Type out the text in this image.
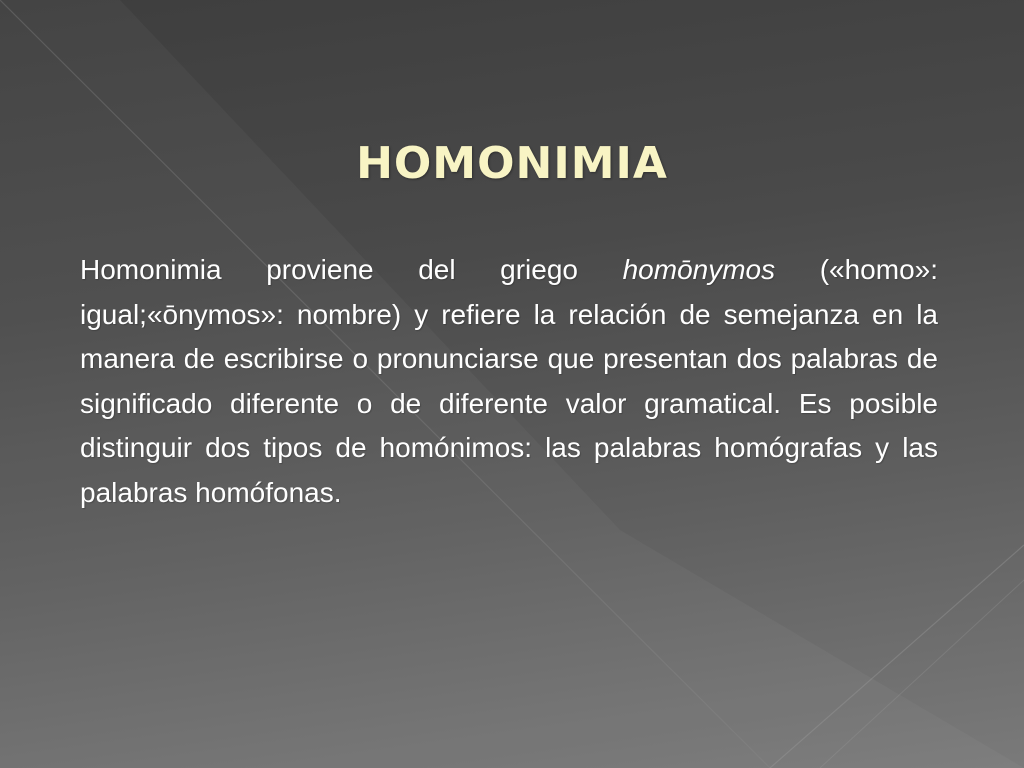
HOMONIMIA

Homonimia proviene del griego homōnymos («homo»: igual;«ōnymos»: nombre) y refiere la relación de semejanza en la manera de escribirse o pronunciarse que presentan dos palabras de significado diferente o de diferente valor gramatical. Es posible distinguir dos tipos de homónimos: las palabras homógrafas y las palabras homófonas.
